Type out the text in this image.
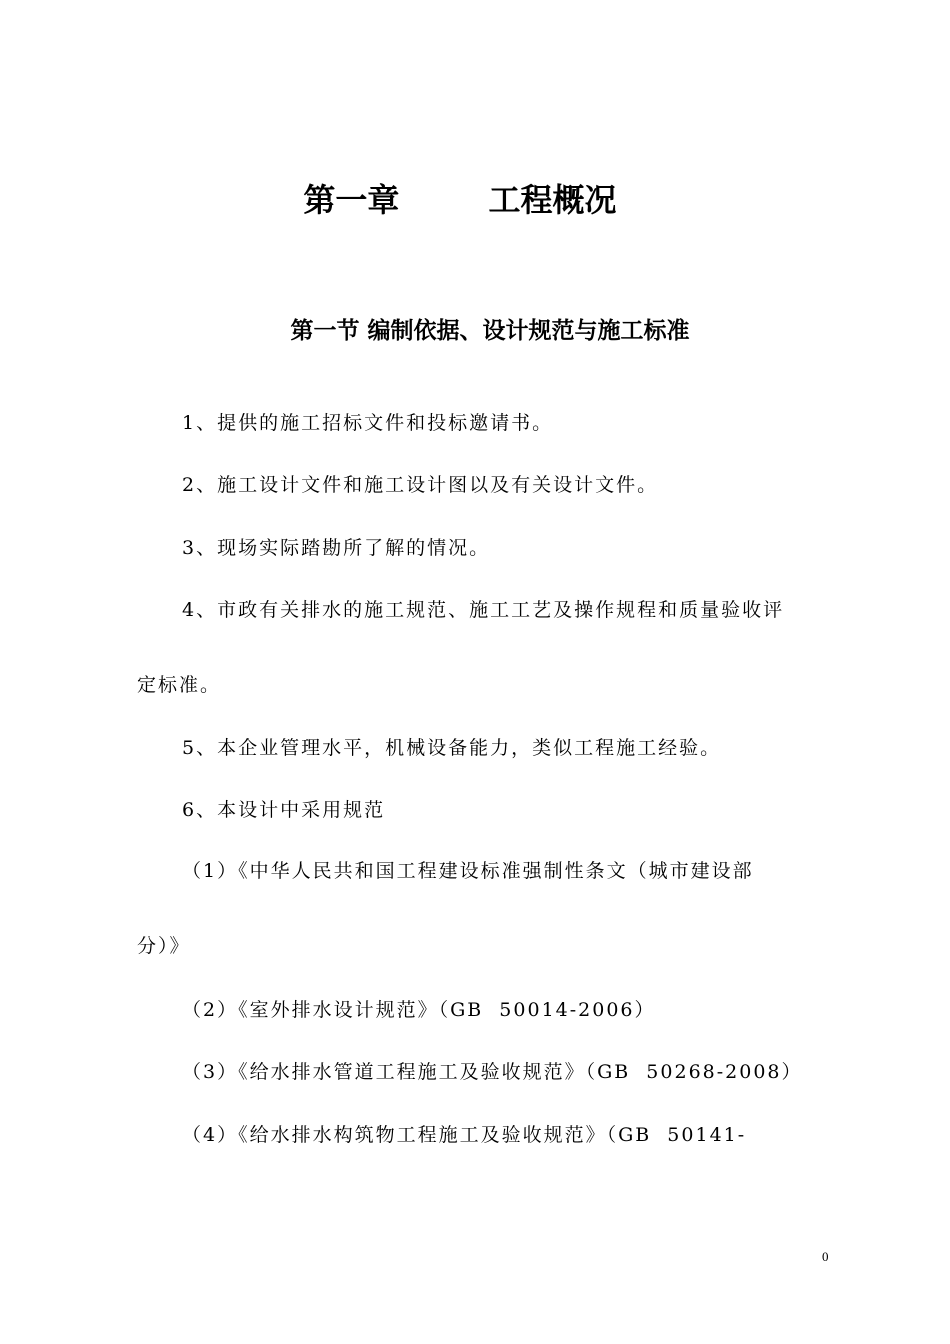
第一章        工程概况
第一节 编制依据、设计规范与施工标准
1、提供的施工招标文件和投标邀请书。
2、施工设计文件和施工设计图以及有关设计文件。
3、现场实际踏勘所了解的情况。
4、市政有关排水的施工规范、施工工艺及操作规程和质量验收评
定标准。
5、本企业管理水平，机械设备能力，类似工程施工经验。
6、本设计中采用规范
（1）《中华人民共和国工程建设标准强制性条文（城市建设部
分）》
（2）《室外排水设计规范》（GB  50014-2006）
（3）《给水排水管道工程施工及验收规范》（GB  50268-2008）
（4）《给水排水构筑物工程施工及验收规范》（GB  50141-
0
